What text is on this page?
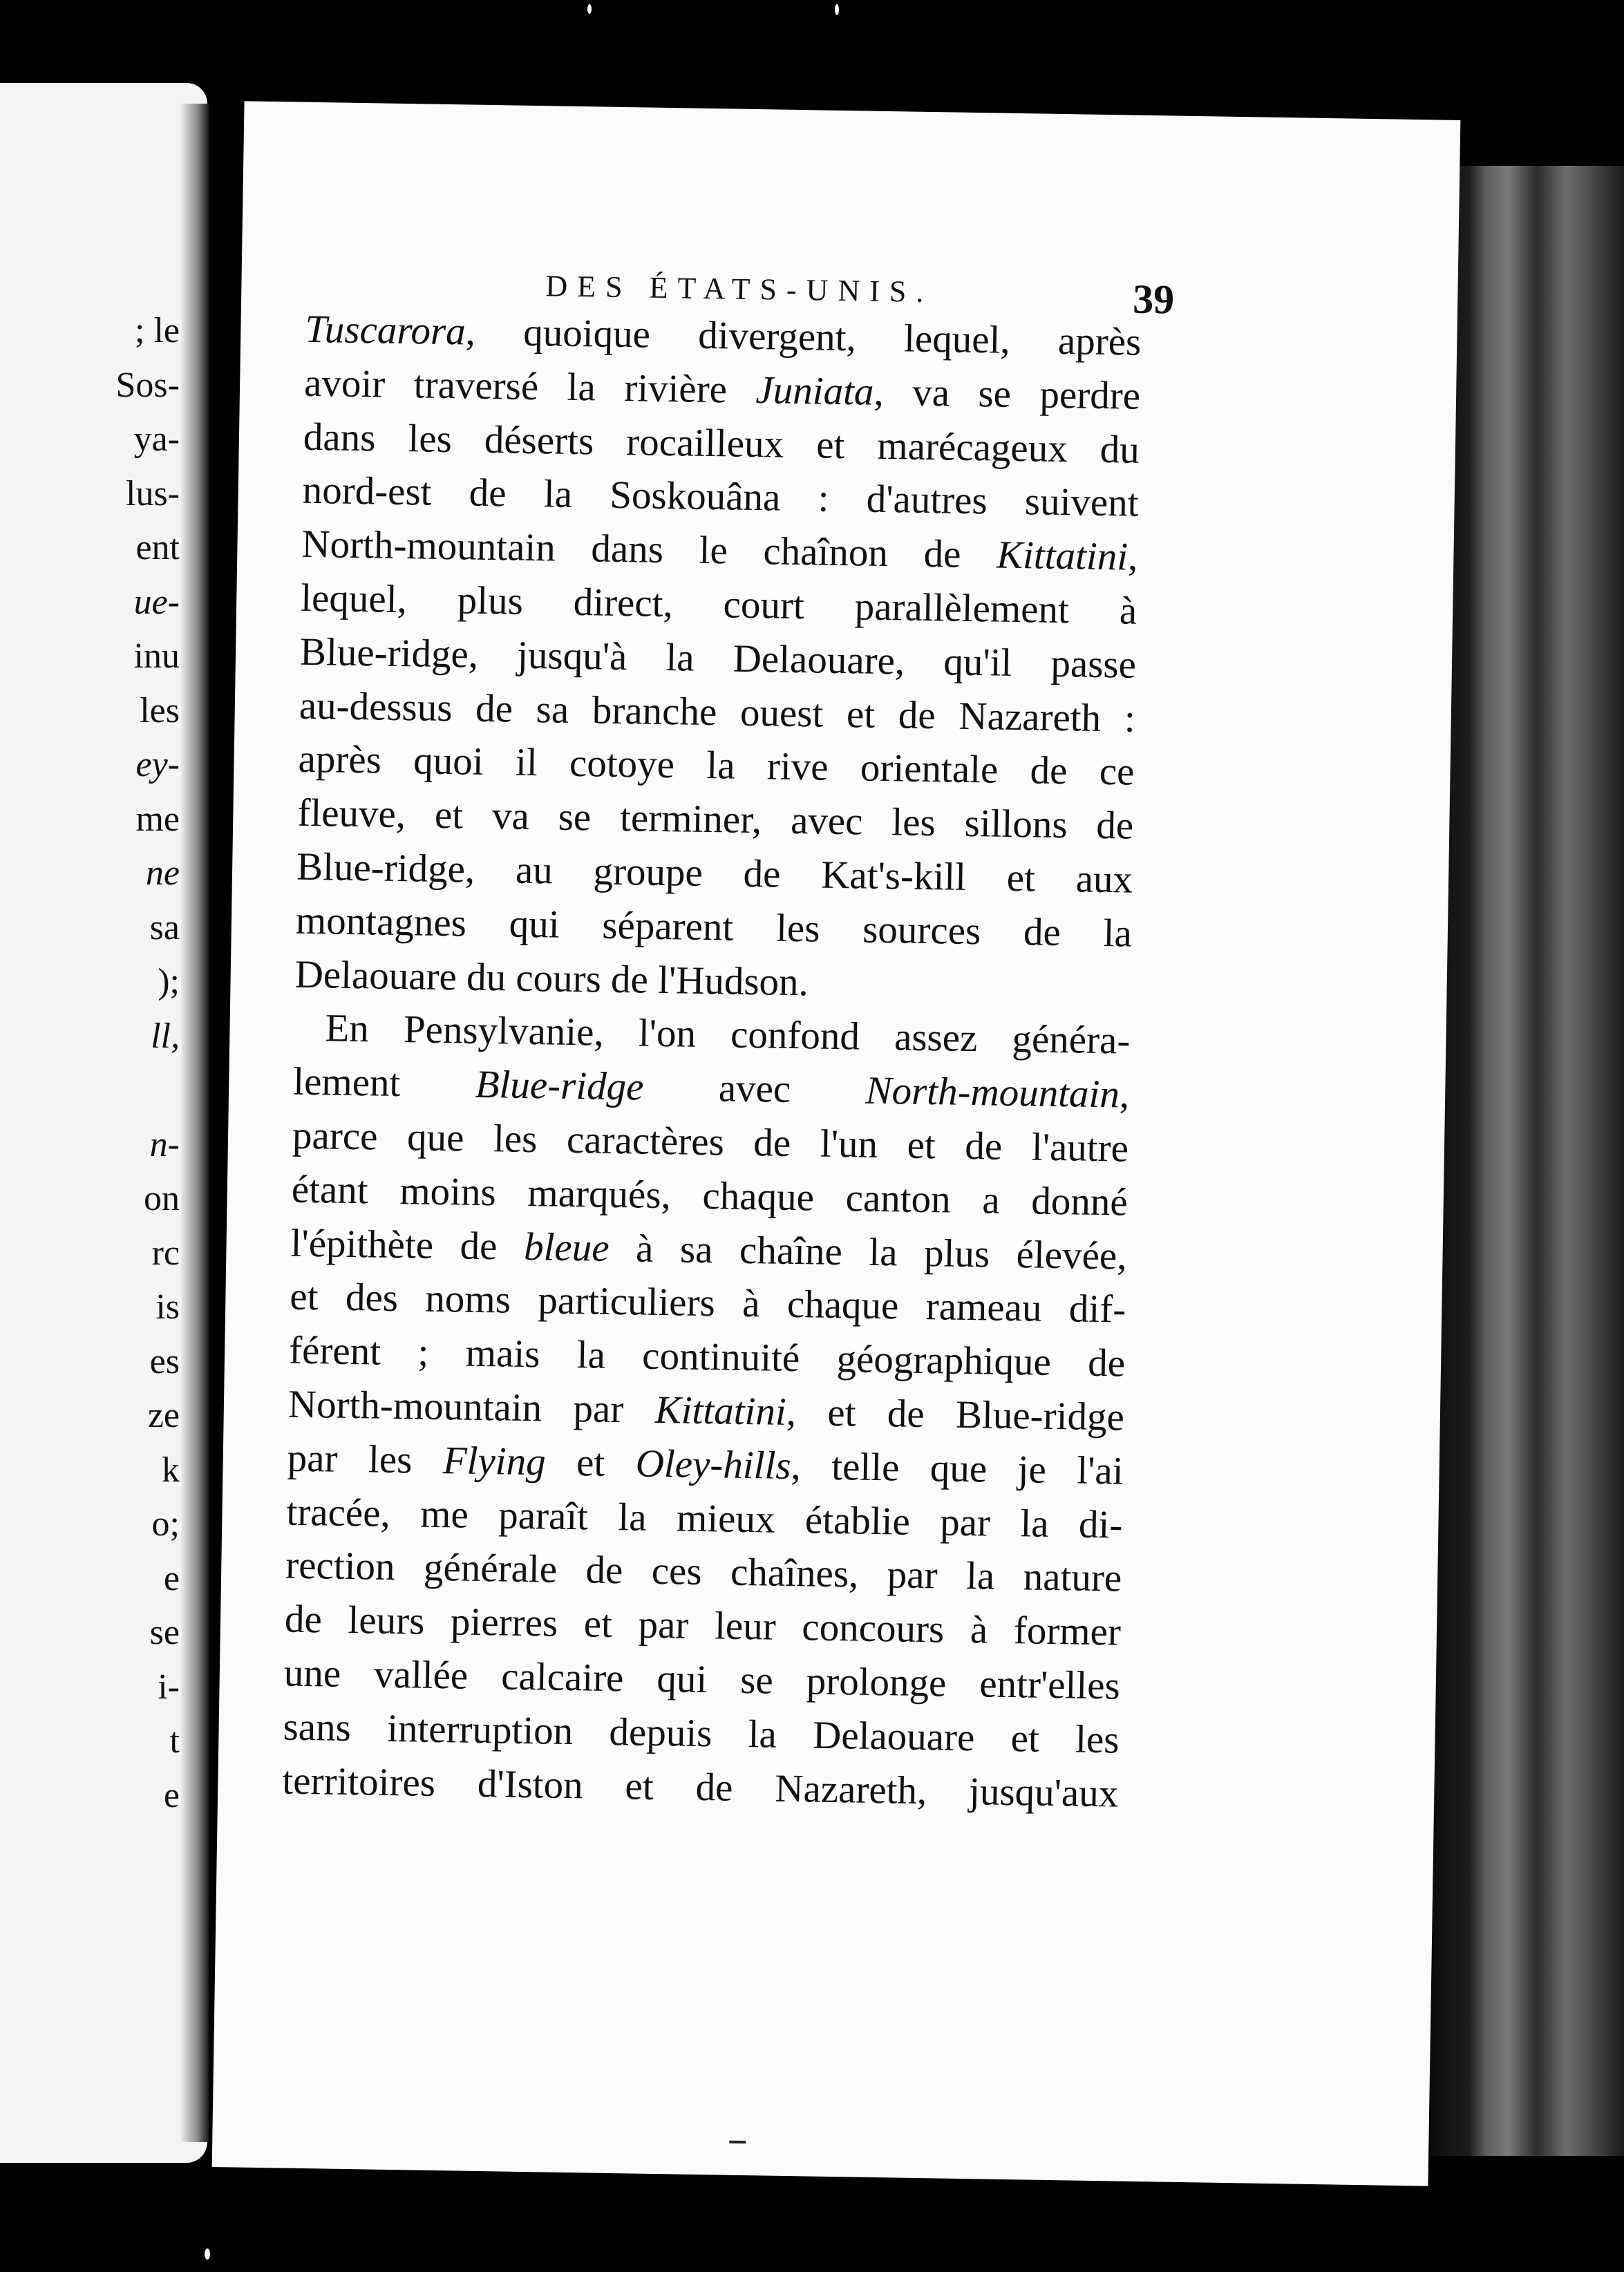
; le
Sos-
ya-
lus-
ent
ue-
inu
les
ey-
me
ne
sa
);
ll,
n-
on
rc
is
es
ze
k
o;
e
se
i-
t
e
DES ÉTATS-UNIS.	39
Tuscarora, quoique divergent, lequel, après
avoir traversé la rivière Juniata, va se perdre
dans les déserts rocailleux et marécageux du
nord-est de la Soskouâna : d'autres suivent
North-mountain dans le chaînon de Kittatini,
lequel, plus direct, court parallèlement à
Blue-ridge, jusqu'à la Delaouare, qu'il passe
au-dessus de sa branche ouest et de Nazareth :
après quoi il cotoye la rive orientale de ce
fleuve, et va se terminer, avec les sillons de
Blue-ridge, au groupe de Kat's-kill et aux
montagnes qui séparent les sources de la
Delaouare du cours de l'Hudson.
En Pensylvanie, l'on confond assez généra-
lement Blue-ridge avec North-mountain,
parce que les caractères de l'un et de l'autre
étant moins marqués, chaque canton a donné
l'épithète de bleue à sa chaîne la plus élevée,
et des noms particuliers à chaque rameau dif-
férent ; mais la continuité géographique de
North-mountain par Kittatini, et de Blue-ridge
par les Flying et Oley-hills, telle que je l'ai
tracée, me paraît la mieux établie par la di-
rection générale de ces chaînes, par la nature
de leurs pierres et par leur concours à former
une vallée calcaire qui se prolonge entr'elles
sans interruption depuis la Delaouare et les
territoires d'Iston et de Nazareth, jusqu'aux
